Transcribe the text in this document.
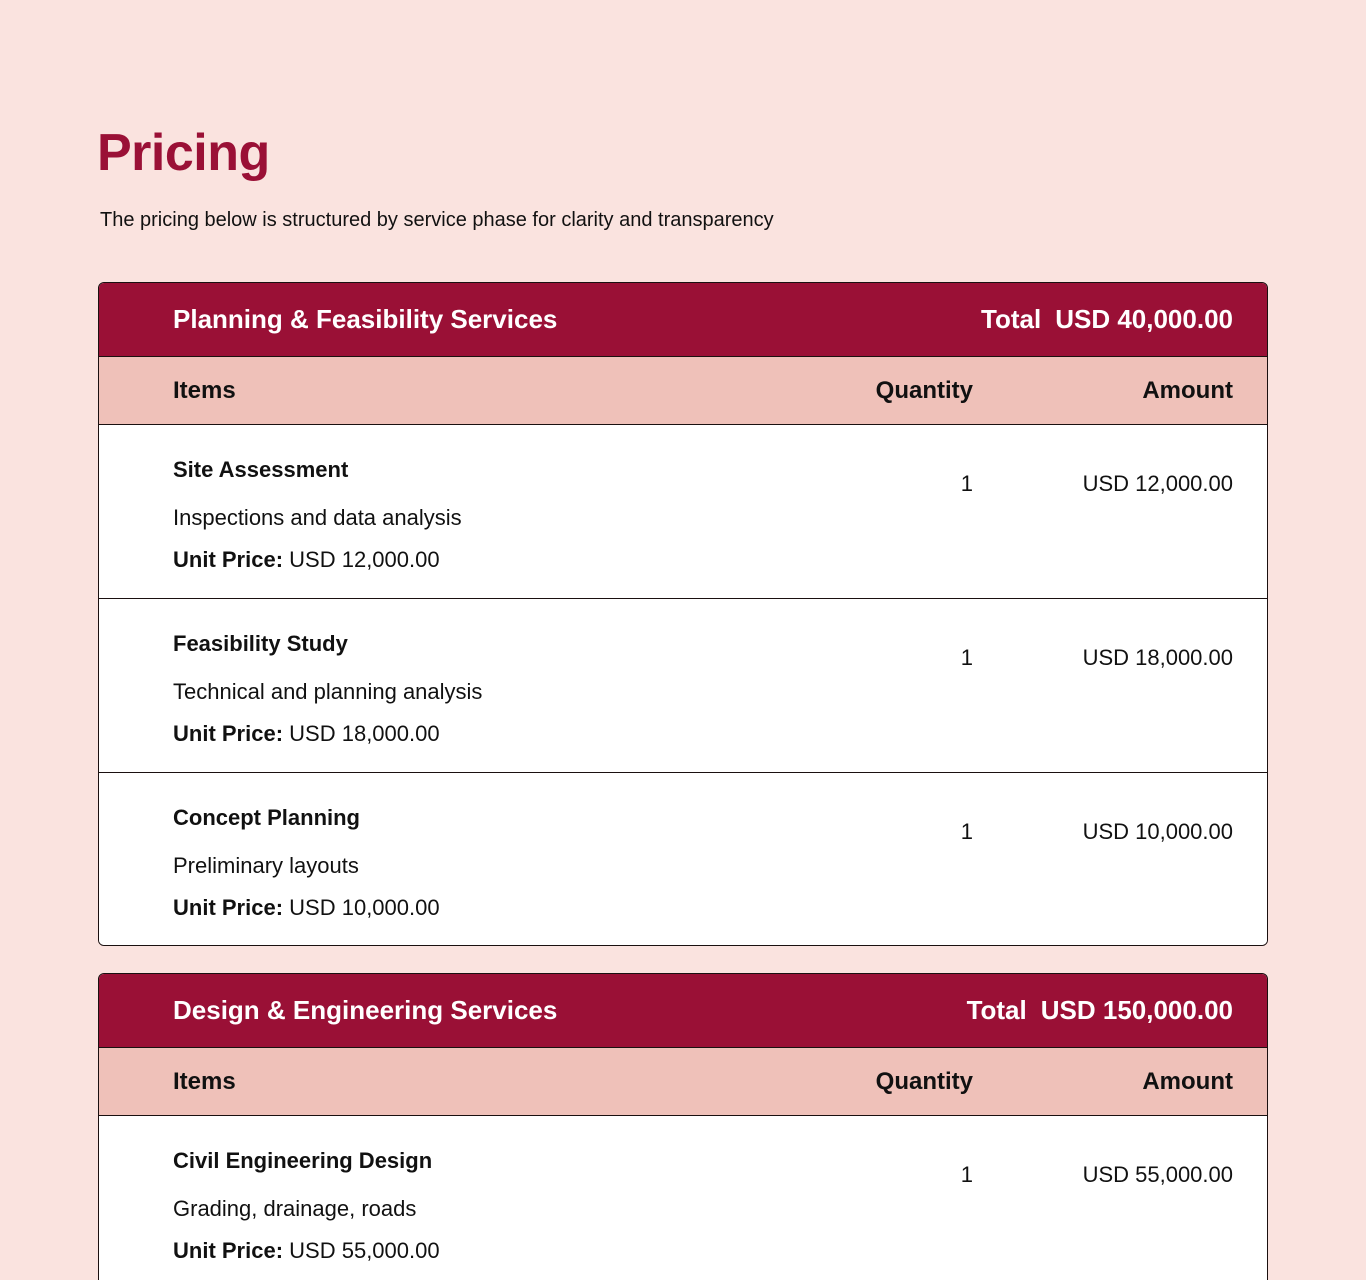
Pricing

The pricing below is structured by service phase for clarity and transparency

Planning & Feasibility Services	Total USD 40,000.00
Items	Quantity	Amount
Site Assessment
Inspections and data analysis
Unit Price: USD 12,000.00
1	USD 12,000.00
Feasibility Study
Technical and planning analysis
Unit Price: USD 18,000.00
1	USD 18,000.00
Concept Planning
Preliminary layouts
Unit Price: USD 10,000.00
1	USD 10,000.00
Design & Engineering Services	Total USD 150,000.00
Items	Quantity	Amount
Civil Engineering Design
Grading, drainage, roads
Unit Price: USD 55,000.00
1	USD 55,000.00
